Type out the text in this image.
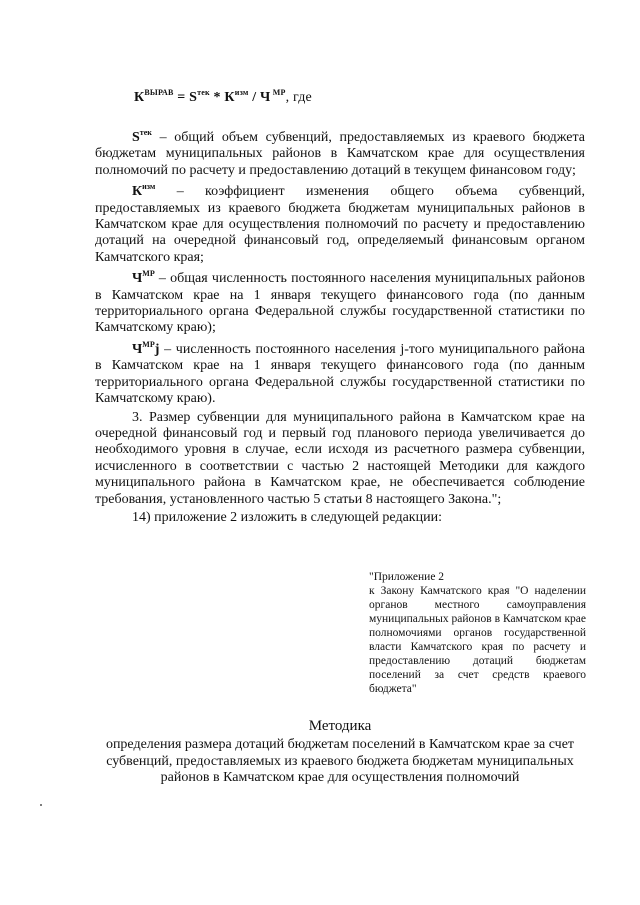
$К^{ВЫРАВ} = S^{тек} * К^{изм} / Ч$ $^{МР}$, где

$S^{тек}$ – общий объем субвенций, предоставляемых из краевого бюджета бюджетам муниципальных районов в Камчатском крае для осуществления полномочий по расчету и предоставлению дотаций в текущем финансовом году;

$К^{изм}$ – коэффициент изменения общего объема субвенций, предоставляемых из краевого бюджета бюджетам муниципальных районов в Камчатском крае для осуществления полномочий по расчету и предоставлению дотаций на очередной финансовый год, определяемый финансовым органом Камчатского края;

$Ч^{МР}$ – общая численность постоянного населения муниципальных районов в Камчатском крае на 1 января текущего финансового года (по данным территориального органа Федеральной службы государственной статистики по Камчатскому краю);

$Ч^{МР}j$ – численность постоянного населения j-того муниципального района в Камчатском крае на 1 января текущего финансового года (по данным территориального органа Федеральной службы государственной статистики по Камчатскому краю).

3. Размер субвенции для муниципального района в Камчатском крае на очередной финансовый год и первый год планового периода увеличивается до необходимого уровня в случае, если исходя из расчетного размера субвенции, исчисленного в соответствии с частью 2 настоящей Методики для каждого муниципального района в Камчатском крае, не обеспечивается соблюдение требования, установленного частью 5 статьи 8 настоящего Закона.";

14) приложение 2 изложить в следующей редакции:

"Приложение 2

к Закону Камчатского края "О наделении органов местного самоуправления муниципальных районов в Камчатском крае полномочиями органов государственной власти Камчатского края по расчету и предоставлению дотаций бюджетам поселений за счет средств краевого бюджета"

Методика

определения размера дотаций бюджетам поселений в Камчатском крае за счет субвенций, предоставляемых из краевого бюджета бюджетам муниципальных районов в Камчатском крае для осуществления полномочий
